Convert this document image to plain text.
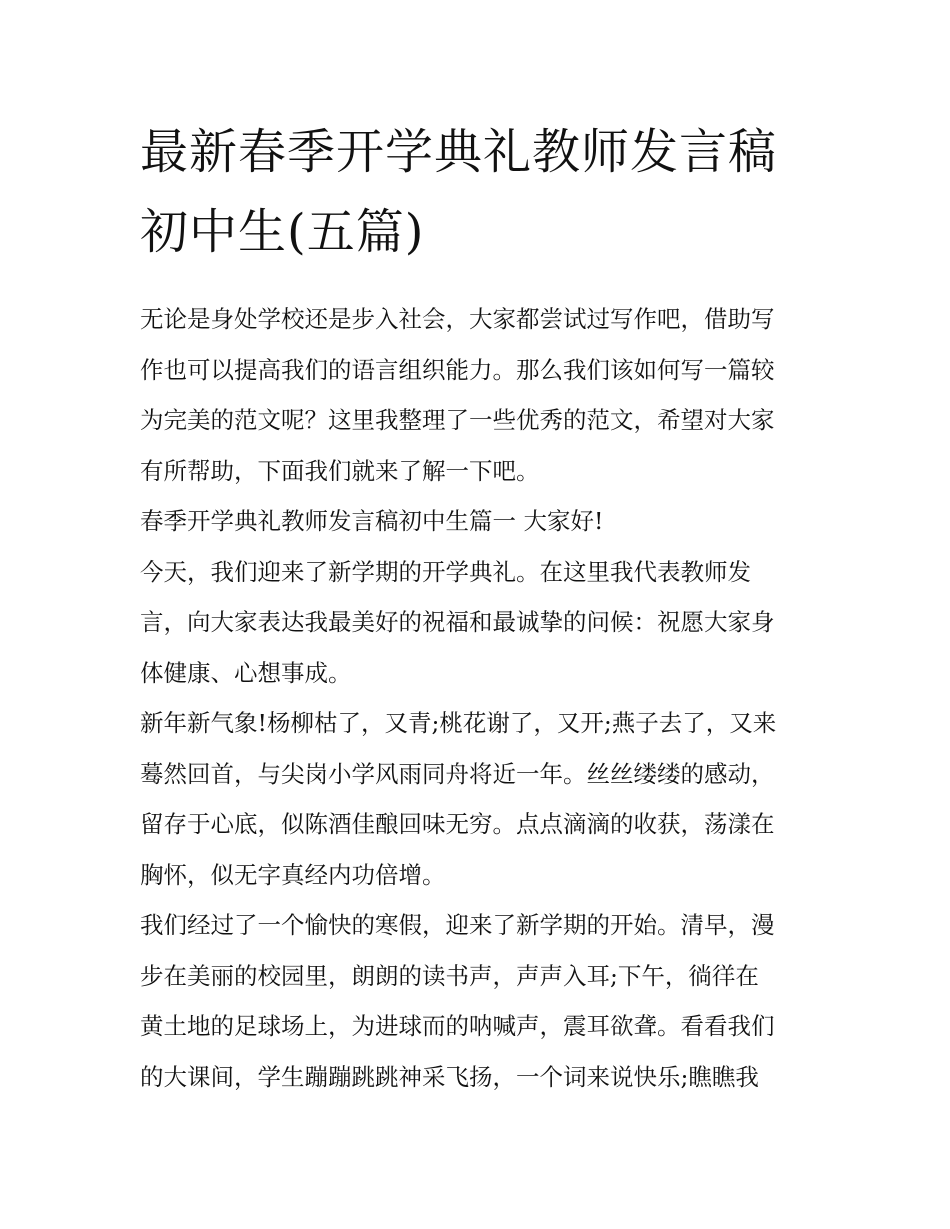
最新春季开学典礼教师发言稿
初中生(五篇)

无论是身处学校还是步入社会，大家都尝试过写作吧，借助写
作也可以提高我们的语言组织能力。那么我们该如何写一篇较
为完美的范文呢？这里我整理了一些优秀的范文，希望对大家
有所帮助，下面我们就来了解一下吧。

春季开学典礼教师发言稿初中生篇一 大家好!

今天，我们迎来了新学期的开学典礼。在这里我代表教师发
言，向大家表达我最美好的祝福和最诚挚的问候：祝愿大家身
体健康、心想事成。

新年新气象!杨柳枯了，又青;桃花谢了，又开;燕子去了，又来
蓦然回首，与尖岗小学风雨同舟将近一年。丝丝缕缕的感动，
留存于心底，似陈酒佳酿回味无穷。点点滴滴的收获，荡漾在
胸怀，似无字真经内功倍增。

我们经过了一个愉快的寒假，迎来了新学期的开始。清早，漫
步在美丽的校园里，朗朗的读书声，声声入耳;下午，徜徉在
黄土地的足球场上，为进球而的呐喊声，震耳欲聋。看看我们
的大课间，学生蹦蹦跳跳神采飞扬，一个词来说快乐;瞧瞧我
